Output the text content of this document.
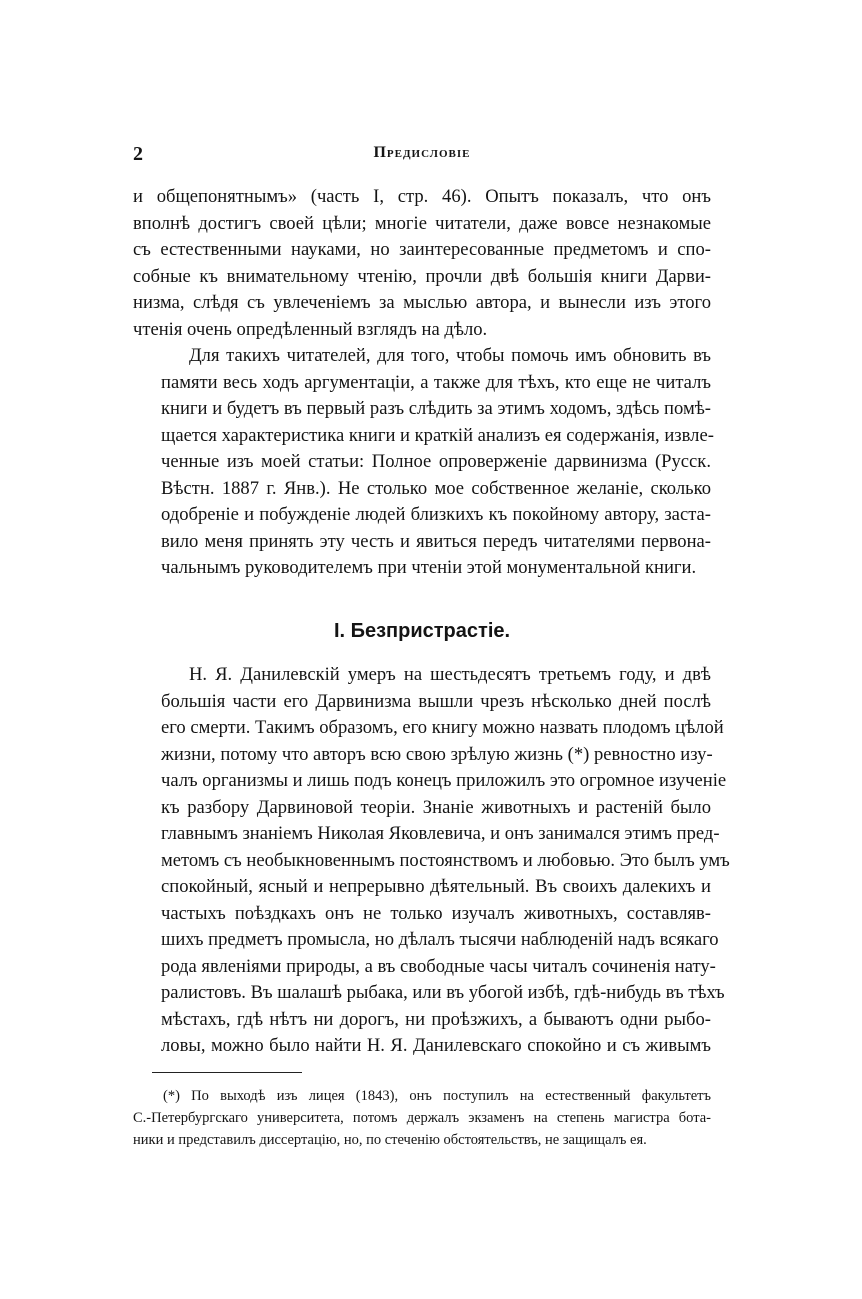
2	Предисловіе

и общепонятнымъ» (часть I, стр. 46). Опытъ показалъ, что онъ
вполнѣ достигъ своей цѣли; многіе читатели, даже вовсе незнакомые
съ естественными науками, но заинтересованные предметомъ и спо-
собные къ внимательному чтенію, прочли двѣ большія книги Дарви-
низма, слѣдя съ увлеченіемъ за мыслью автора, и вынесли изъ этого
чтенія очень опредѣленный взглядъ на дѣло.

Для такихъ читателей, для того, чтобы помочь имъ обновить въ
памяти весь ходъ аргументаціи, а также для тѣхъ, кто еще не читалъ
книги и будетъ въ первый разъ слѣдить за этимъ ходомъ, здѣсь помѣ-
щается характеристика книги и краткій анализъ ея содержанія, извле-
ченные изъ моей статьи: Полное опроверженіе дарвинизма (Русск.
Вѣстн. 1887 г. Янв.). Не столько мое собственное желаніе, сколько
одобреніе и побужденіе людей близкихъ къ покойному автору, заста-
вило меня принять эту честь и явиться передъ читателями первона-
чальнымъ руководителемъ при чтеніи этой монументальной книги.

I. Безпристрастіе.

Н. Я. Данилевскій умеръ на шестьдесятъ третьемъ году, и двѣ
большія части его Дарвинизма вышли чрезъ нѣсколько дней послѣ
его смерти. Такимъ образомъ, его книгу можно назвать плодомъ цѣлой
жизни, потому что авторъ всю свою зрѣлую жизнь (*) ревностно изу-
чалъ организмы и лишь подъ конецъ приложилъ это огромное изученіе
къ разбору Дарвиновой теоріи. Знаніе животныхъ и растеній было
главнымъ знаніемъ Николая Яковлевича, и онъ занимался этимъ пред-
метомъ съ необыкновеннымъ постоянствомъ и любовью. Это былъ умъ
спокойный, ясный и непрерывно дѣятельный. Въ своихъ далекихъ и
частыхъ поѣздкахъ онъ не только изучалъ животныхъ, составляв-
шихъ предметъ промысла, но дѣлалъ тысячи наблюденій надъ всякаго
рода явленіями природы, а въ свободные часы читалъ сочиненія нату-
ралистовъ. Въ шалашѣ рыбака, или въ убогой избѣ, гдѣ-нибудь въ тѣхъ
мѣстахъ, гдѣ нѣтъ ни дорогъ, ни проѣзжихъ, а бываютъ одни рыбо-
ловы, можно было найти Н. Я. Данилевскаго спокойно и съ живымъ

(*) По выходѣ изъ лицея (1843), онъ поступилъ на естественный факультетъ
С.-Петербургскаго университета, потомъ держалъ экзаменъ на степень магистра бота-
ники и представилъ диссертацію, но, по стеченію обстоятельствъ, не защищалъ ея.
